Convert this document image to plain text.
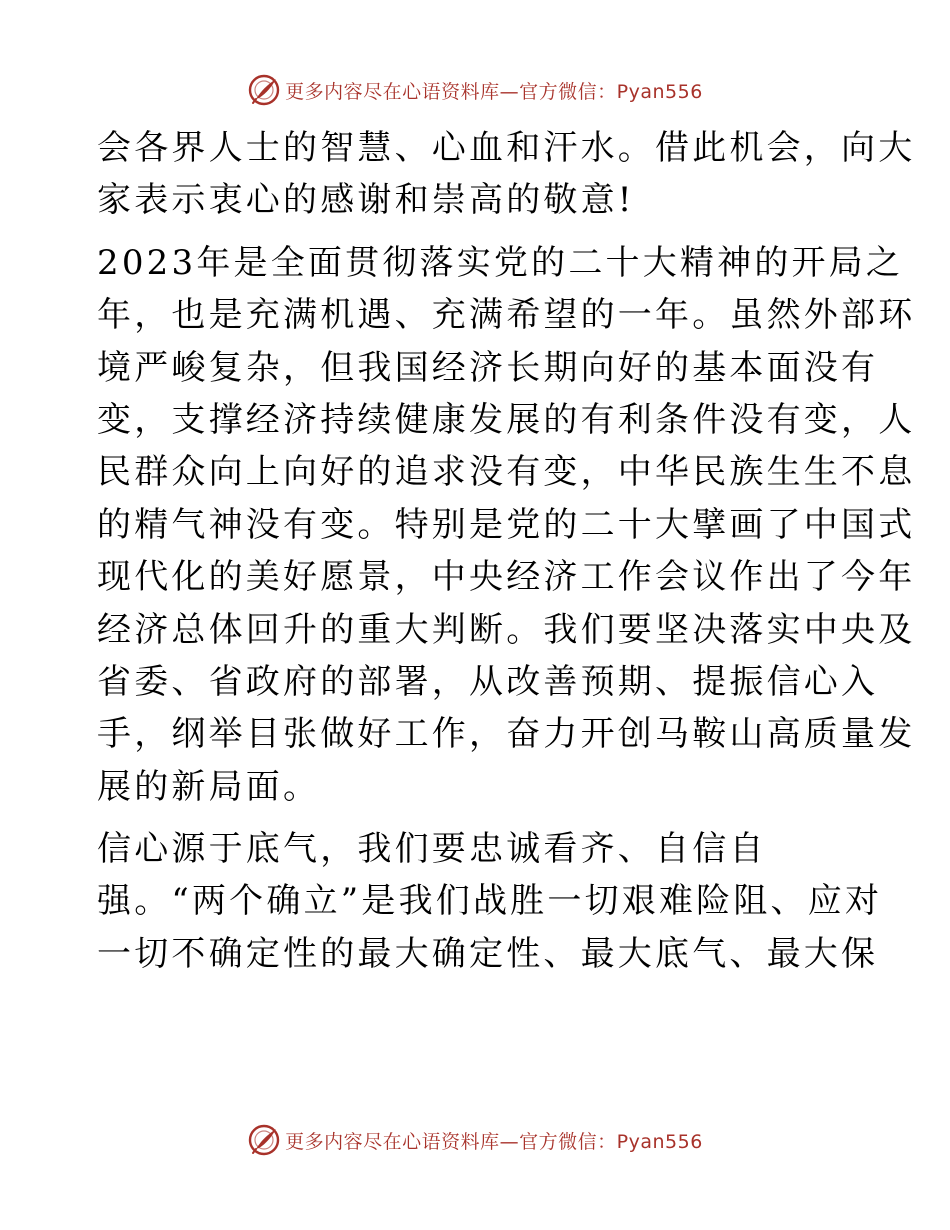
更多内容尽在心语资料库—官方微信：Pyan556
会各界人士的智慧、心血和汗水。借此机会，向大
家表示衷心的感谢和崇高的敬意!
2023年是全面贯彻落实党的二十大精神的开局之
年，也是充满机遇、充满希望的一年。虽然外部环
境严峻复杂，但我国经济长期向好的基本面没有
变，支撑经济持续健康发展的有利条件没有变，人
民群众向上向好的追求没有变，中华民族生生不息
的精气神没有变。特别是党的二十大擘画了中国式
现代化的美好愿景，中央经济工作会议作出了今年
经济总体回升的重大判断。我们要坚决落实中央及
省委、省政府的部署，从改善预期、提振信心入
手，纲举目张做好工作，奋力开创马鞍山高质量发
展的新局面。
信心源于底气，我们要忠诚看齐、自信自
强。“两个确立”是我们战胜一切艰难险阻、应对
一切不确定性的最大确定性、最大底气、最大保
更多内容尽在心语资料库—官方微信：Pyan556
